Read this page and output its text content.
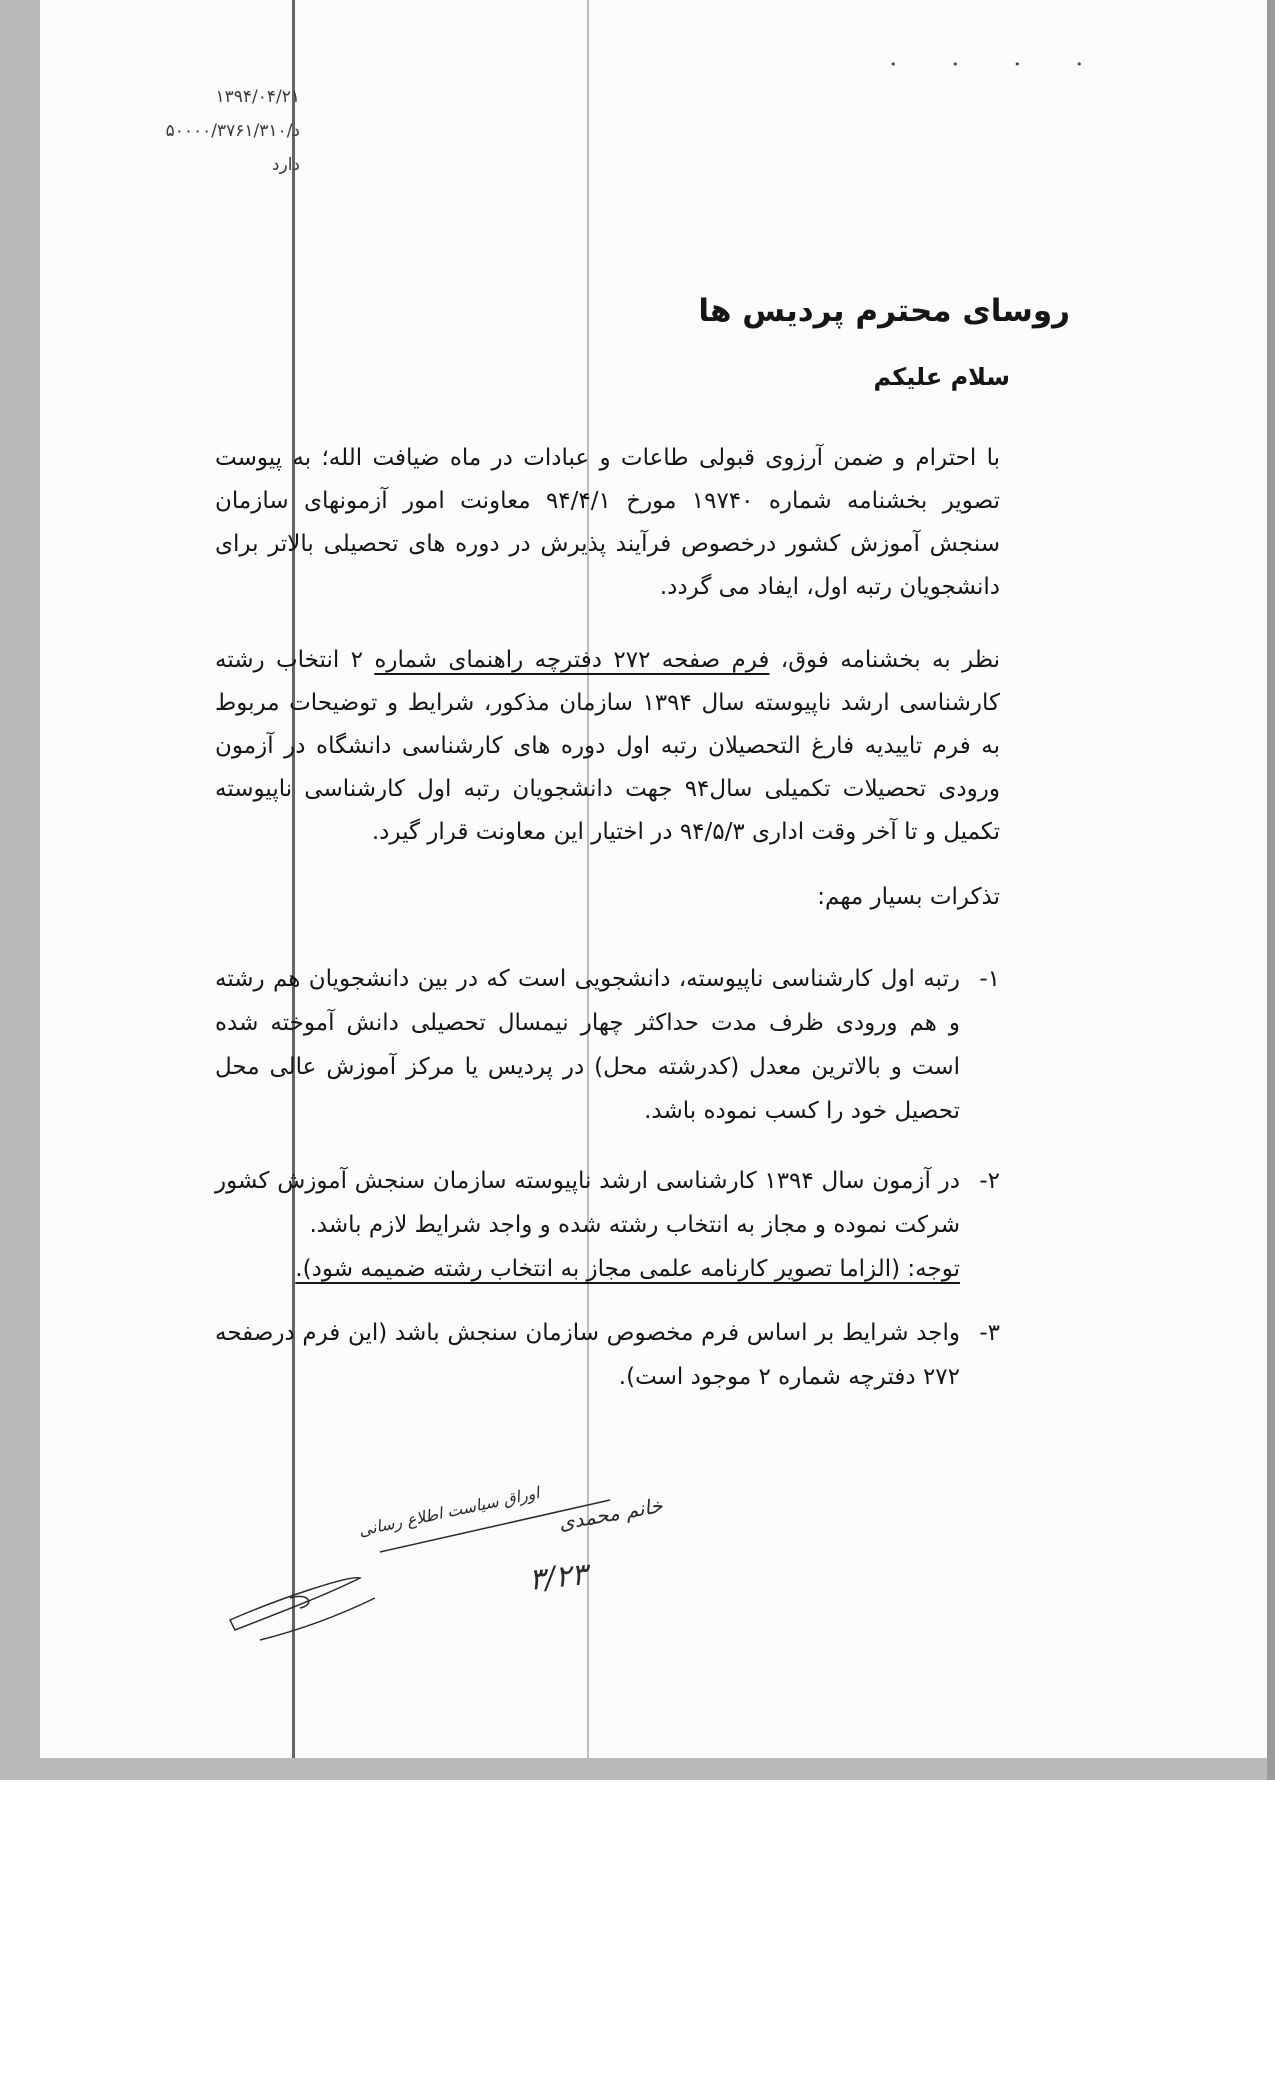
• • • •
۱۳۹۴/۰۴/۲۱
د/۵۰۰۰۰/۳۷۶۱/۳۱۰
دارد

روسای محترم پردیس ها

سلام علیکم

با احترام و ضمن آرزوی قبولی طاعات و عبادات در ماه ضیافت الله؛ به پیوست تصویر بخشنامه شماره ۱۹۷۴۰ مورخ ۹۴/۴/۱ معاونت امور آزمونهای سازمان سنجش آموزش کشور درخصوص فرآیند پذیرش در دوره های تحصیلی بالاتر برای دانشجویان رتبه اول، ایفاد می گردد.

نظر به بخشنامه فوق، فرم صفحه ۲۷۲ دفترچه راهنمای شماره ۲ انتخاب رشته کارشناسی ارشد ناپیوسته سال ۱۳۹۴ سازمان مذکور، شرایط و توضیحات مربوط به فرم تاییدیه فارغ التحصیلان رتبه اول دوره های کارشناسی دانشگاه در آزمون ورودی تحصیلات تکمیلی سال۹۴ جهت دانشجویان رتبه اول کارشناسی ناپیوسته تکمیل و تا آخر وقت اداری ۹۴/۵/۳ در اختیار این معاونت قرار گیرد.

تذکرات بسیار مهم:

۱-
رتبه اول کارشناسی ناپیوسته، دانشجویی است که در بین دانشجویان هم رشته و هم ورودی ظرف مدت حداکثر چهار نیمسال تحصیلی دانش آموخته شده است و بالاترین معدل (کدرشته محل) در پردیس یا مرکز آموزش عالی محل تحصیل خود را کسب نموده باشد.
۲-
در آزمون سال ۱۳۹۴ کارشناسی ارشد ناپیوسته سازمان سنجش آموزش کشور شرکت نموده و مجاز به انتخاب رشته شده و واجد شرایط لازم باشد.
توجه: (الزاما تصویر کارنامه علمی مجاز به انتخاب رشته ضمیمه شود).
۳-
واجد شرایط بر اساس فرم مخصوص سازمان سنجش باشد (این فرم درصفحه ۲۷۲ دفترچه شماره ۲ موجود است).
اوراق سیاست اطلاع رسانی خانم محمدی
۳/۲۳
